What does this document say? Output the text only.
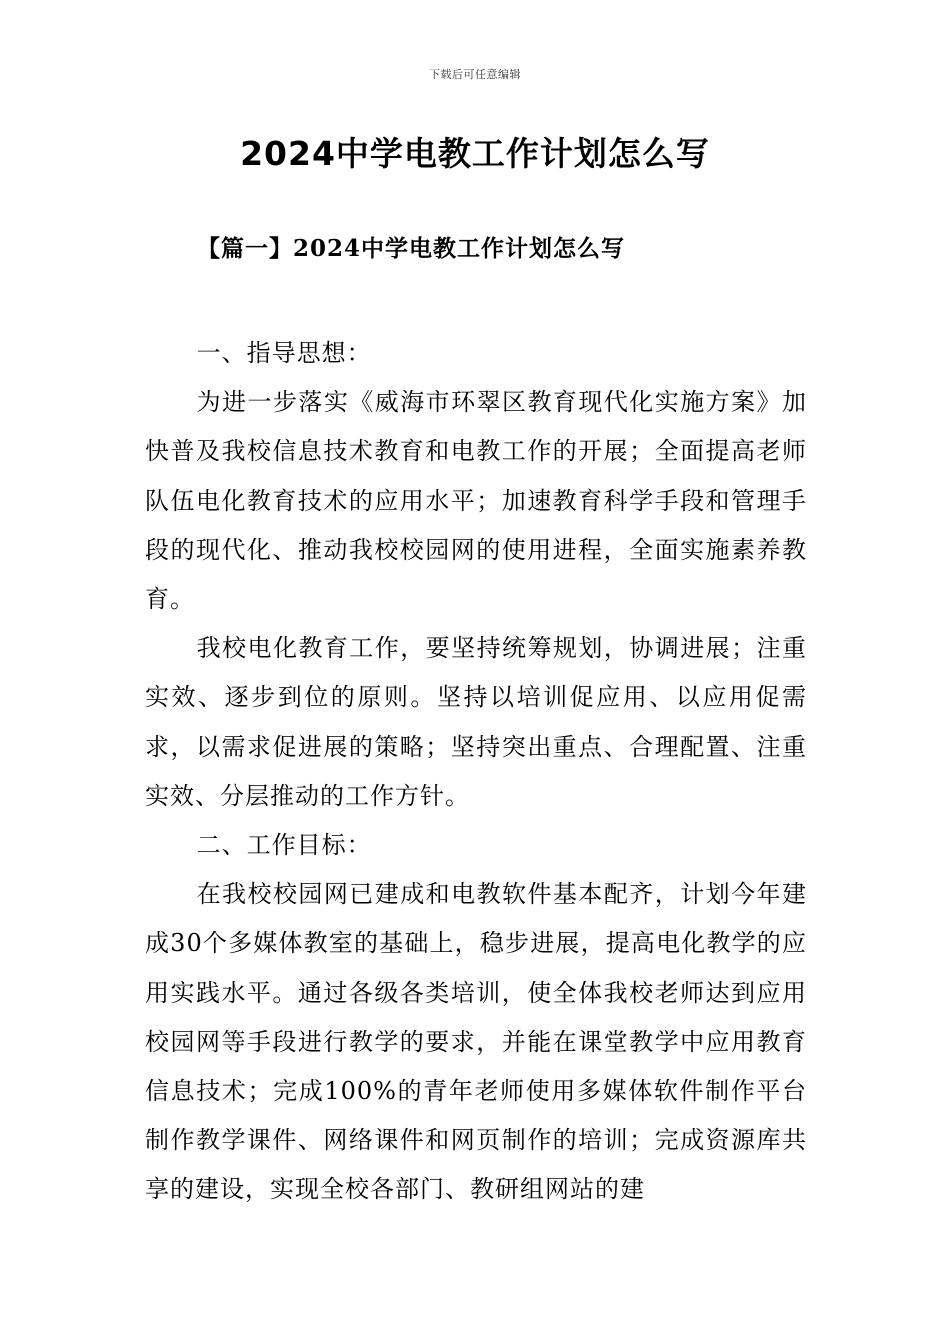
下载后可任意编辑
2024中学电教工作计划怎么写
【篇一】2024中学电教工作计划怎么写

一、指导思想：

为进一步落实《威海市环翠区教育现代化实施方案》加快普及我校信息技术教育和电教工作的开展；全面提高老师队伍电化教育技术的应用水平；加速教育科学手段和管理手段的现代化、推动我校校园网的使用进程，全面实施素养教育。

我校电化教育工作，要坚持统筹规划，协调进展；注重实效、逐步到位的原则。坚持以培训促应用、以应用促需求，以需求促进展的策略；坚持突出重点、合理配置、注重实效、分层推动的工作方针。

二、工作目标：

在我校校园网已建成和电教软件基本配齐，计划今年建成30个多媒体教室的基础上，稳步进展，提高电化教学的应用实践水平。通过各级各类培训，使全体我校老师达到应用校园网等手段进行教学的要求，并能在课堂教学中应用教育信息技术；完成100%的青年老师使用多媒体软件制作平台制作教学课件、网络课件和网页制作的培训；完成资源库共享的建设，实现全校各部门、教研组网站的建
